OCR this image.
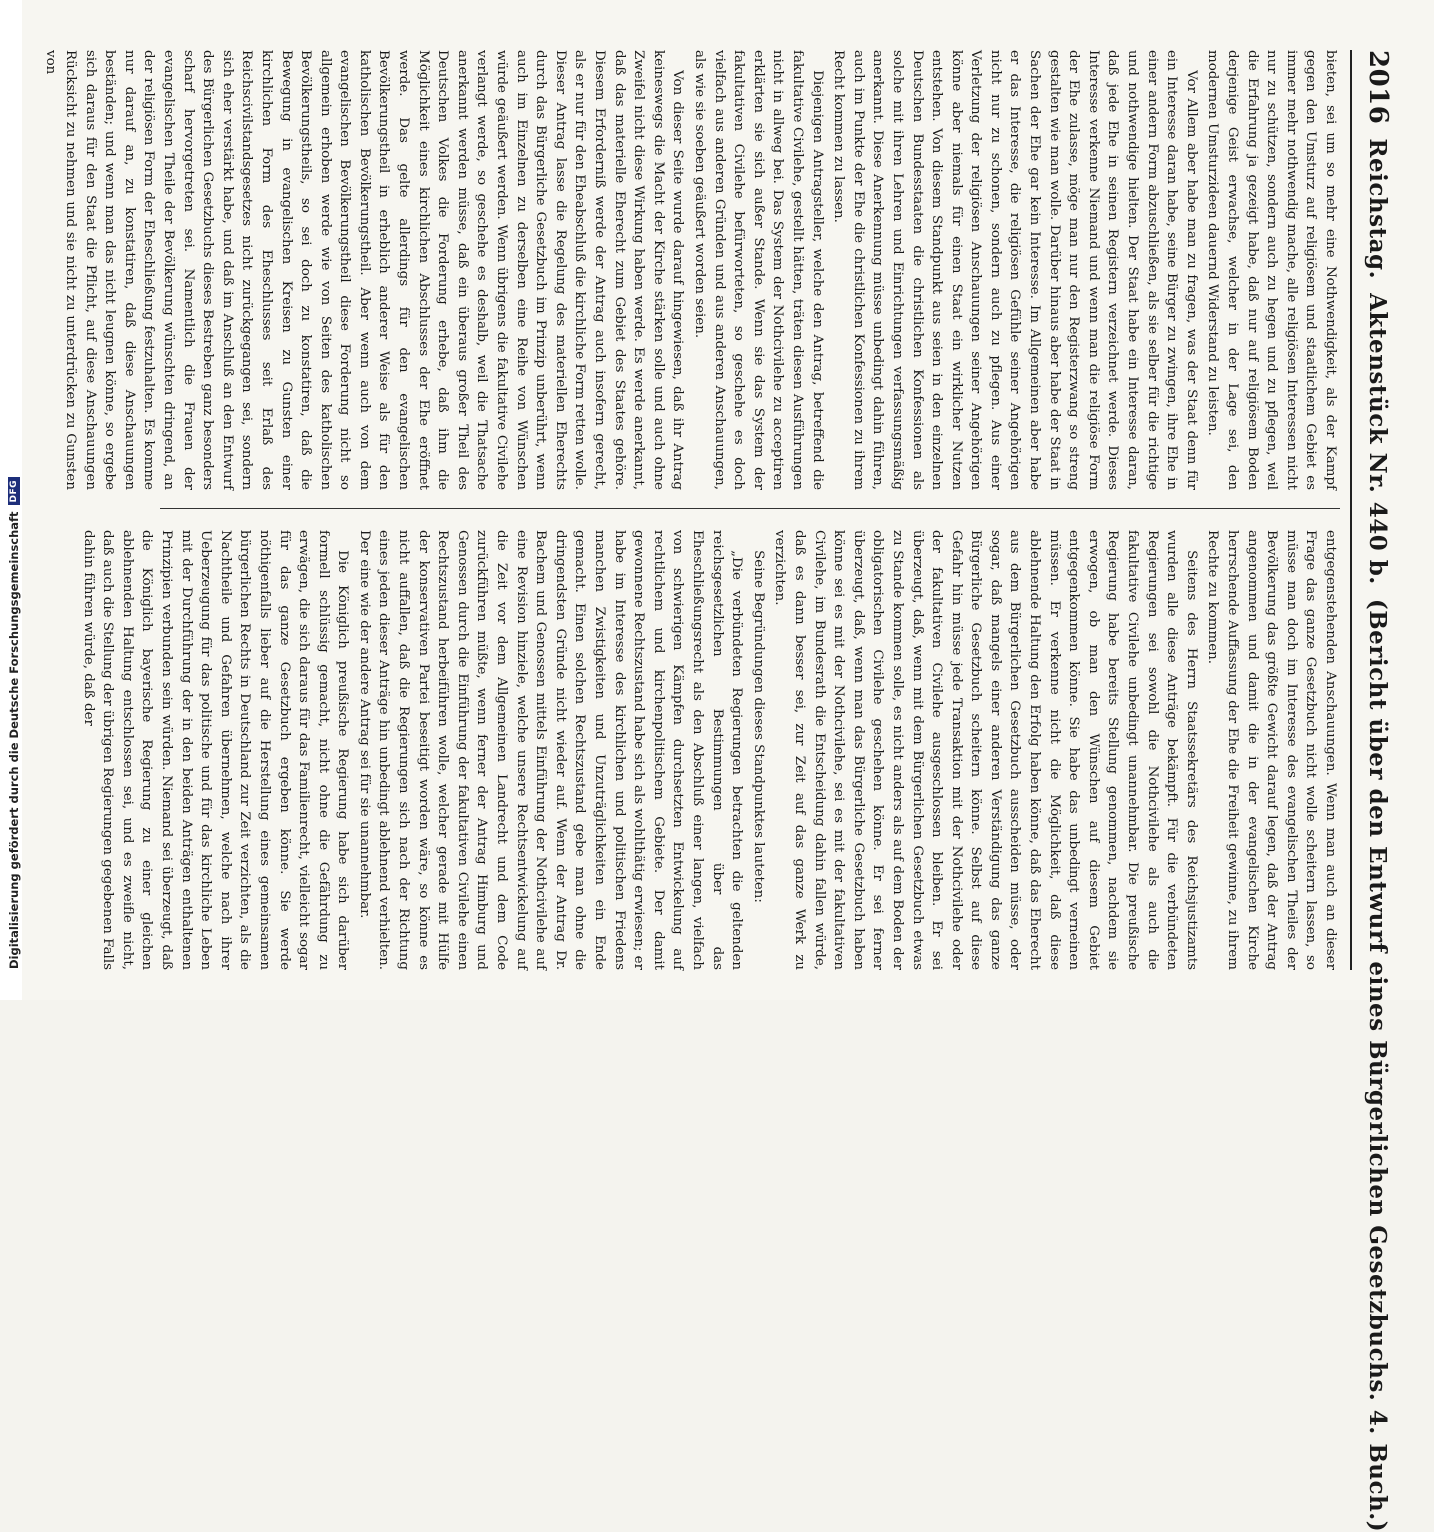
2016
Reichstag.
Aktenstück Nr. 440 b.
(Bericht über den Entwurf eines Bürgerlichen Gesetzbuchs. 4. Buch.)

bieten, sei um so mehr eine Nothwendigkeit, als der Kampf gegen den Umsturz auf religiösem und staatlichem Gebiet es immer mehr nothwendig mache, alle religiösen Interessen nicht nur zu schützen, sondern auch zu hegen und zu pflegen, weil die Erfahrung ja gezeigt habe, daß nur auf religiösem Boden derjenige Geist erwachse, welcher in der Lage sei, den modernen Umsturzideen dauernd Widerstand zu leisten.

Vor Allem aber habe man zu fragen, was der Staat denn für ein Interesse daran habe, seine Bürger zu zwingen, ihre Ehe in einer andern Form abzuschließen, als sie selber für die richtige und nothwendige hielten. Der Staat habe ein Interesse daran, daß jede Ehe in seinen Registern verzeichnet werde. Dieses Interesse verkenne Niemand und wenn man die religiöse Form der Ehe zulasse, möge man nur den Registerzwang so streng gestalten wie man wolle. Darüber hinaus aber habe der Staat in Sachen der Ehe gar kein Interesse. Im Allgemeinen aber habe er das Interesse, die religiösen Gefühle seiner Angehörigen nicht nur zu schonen, sondern auch zu pflegen. Aus einer Verletzung der religiösen Anschauungen seiner Angehörigen könne aber niemals für einen Staat ein wirklicher Nutzen entstehen. Von diesem Standpunkt aus seien in den einzelnen Deutschen Bundesstaaten die christlichen Konfessionen als solche mit ihren Lehren und Einrichtungen verfassungsmäßig anerkannt. Diese Anerkennung müsse unbedingt dahin führen, auch im Punkte der Ehe die christlichen Konfessionen zu ihrem Recht kommen zu lassen.

Diejenigen Antragsteller, welche den Antrag, betreffend die fakultative Civilehe, gestellt hätten, träten diesen Ausführungen nicht in allweg bei. Das System der Nothcivilehe zu acceptiren erklärten sie sich außer Stande. Wenn sie das System der fakultativen Civilehe befürworteten, so geschehe es doch vielfach aus anderen Gründen und aus anderen Anschauungen, als wie sie soeben geäußert worden seien.

Von dieser Seite wurde darauf hingewiesen, daß ihr Antrag keineswegs die Macht der Kirche stärken solle und auch ohne Zweifel nicht diese Wirkung haben werde. Es werde anerkannt, daß das materielle Eherecht zum Gebiet des Staates gehöre. Diesem Erforderniß werde der Antrag auch insofern gerecht, als er nur für den Eheabschluß die kirchliche Form retten wolle. Dieser Antrag lasse die Regelung des materiellen Eherechts durch das Bürgerliche Gesetzbuch im Prinzip unberührt, wenn auch im Einzelnen zu derselben eine Reihe von Wünschen würde geäußert werden. Wenn übrigens die fakultative Civilehe verlangt werde, so geschehe es deshalb, weil die Thatsache anerkannt werden müsse, daß ein überaus großer Theil des Deutschen Volkes die Forderung erhebe, daß ihm die Möglichkeit eines kirchlichen Abschlusses der Ehe eröffnet werde. Das gelte allerdings für den evangelischen Bevölkerungstheil in erheblich anderer Weise als für den katholischen Bevölkerungstheil. Aber wenn auch von dem evangelischen Bevölkerungstheil diese Forderung nicht so allgemein erhoben werde wie von Seiten des katholischen Bevölkerungstheils, so sei doch zu konstatiren, daß die Bewegung in evangelischen Kreisen zu Gunsten einer kirchlichen Form des Eheschlusses seit Erlaß des Reichscivilstandsgesetzes nicht zurückgegangen sei, sondern sich eher verstärkt habe, und daß im Anschluß an den Entwurf des Bürgerlichen Gesetzbuchs dieses Bestreben ganz besonders scharf hervorgetreten sei. Namentlich die Frauen der evangelischen Theile der Bevölkerung wünschten dringend, an der religiösen Form der Eheschließung festzuhalten. Es komme nur darauf an, zu konstatiren, daß diese Anschauungen beständen; und wenn man das nicht leugnen könne, so ergebe sich daraus für den Staat die Pflicht, auf diese Anschauungen Rücksicht zu nehmen und sie nicht zu unterdrücken zu Gunsten von

entgegenstehenden Anschauungen. Wenn man auch an dieser Frage das ganze Gesetzbuch nicht wolle scheitern lassen, so müsse man doch im Interesse des evangelischen Theiles der Bevölkerung das größte Gewicht darauf legen, daß der Antrag angenommen und damit die in der evangelischen Kirche herrschende Auffassung der Ehe die Freiheit gewinne, zu ihrem Rechte zu kommen.

Seitens des Herrn Staatssekretärs des Reichsjustizamts wurden alle diese Anträge bekämpft. Für die verbündeten Regierungen sei sowohl die Nothcivilehe als auch die fakultative Civilehe unbedingt unannehmbar. Die preußische Regierung habe bereits Stellung genommen, nachdem sie erwogen, ob man den Wünschen auf diesem Gebiet entgegenkommen könne. Sie habe das unbedingt verneinen müssen. Er verkenne nicht die Möglichkeit, daß diese ablehnende Haltung den Erfolg haben könne, daß das Eherecht aus dem Bürgerlichen Gesetzbuch ausscheiden müsse, oder sogar, daß mangels einer anderen Verständigung das ganze Bürgerliche Gesetzbuch scheitern könne. Selbst auf diese Gefahr hin müsse jede Transaktion mit der Nothcivilehe oder der fakultativen Civilehe ausgeschlossen bleiben. Er sei überzeugt, daß, wenn mit dem Bürgerlichen Gesetzbuch etwas zu Stande kommen solle, es nicht anders als auf dem Boden der obligatorischen Civilehe geschehen könne. Er sei ferner überzeugt, daß, wenn man das Bürgerliche Gesetzbuch haben könne sei es mit der Nothcivilehe, sei es mit der fakultativen Civilehe, im Bundesrath die Entscheidung dahin fallen würde, daß es dann besser sei, zur Zeit auf das ganze Werk zu verzichten.

Seine Begründungen dieses Standpunktes lauteten:

„Die verbündeten Regierungen betrachten die geltenden reichsgesetzlichen Bestimmungen über das Eheschließungsrecht als den Abschluß einer langen, vielfach von schwierigen Kämpfen durchsetzten Entwickelung auf rechtlichem und kirchenpolitischem Gebiete. Der damit gewonnene Rechtszustand habe sich als wohlthätig erwiesen; er habe im Interesse des kirchlichen und politischen Friedens manchen Zwistigkeiten und Unzuträglichkeiten ein Ende gemacht. Einen solchen Rechtszustand gebe man ohne die dringendsten Gründe nicht wieder auf. Wenn der Antrag Dr. Bachem und Genossen mittels Einführung der Nothcivilehe auf eine Revision hinziele, welche unsere Rechtsentwickelung auf die Zeit vor dem Allgemeinen Landrecht und dem Code zurückführen müßte, wenn ferner der Antrag Himburg und Genossen durch die Einführung der fakultativen Civilehe einen Rechtszustand herbeiführen wolle, welcher gerade mit Hülfe der konservativen Partei beseitigt worden wäre, so könne es nicht auffallen, daß die Regierungen sich nach der Richtung eines jeden dieser Anträge hin unbedingt ablehnend verhielten. Der eine wie der andere Antrag sei für sie unannehmbar.

Die Königlich preußische Regierung habe sich darüber formell schlüssig gemacht, nicht ohne die Gefährdung zu erwägen, die sich daraus für das Familienrecht, vielleicht sogar für das ganze Gesetzbuch ergeben könne. Sie werde nöthigenfalls lieber auf die Herstellung eines gemeinsamen bürgerlichen Rechts in Deutschland zur Zeit verzichten, als die Nachtheile und Gefahren übernehmen, welche nach ihrer Ueberzeugung für das politische und für das kirchliche Leben mit der Durchführung der in den beiden Anträgen enthaltenen Prinzipien verbunden sein würden. Niemand sei überzeugt, daß die Königlich bayerische Regierung zu einer gleichen ablehnenden Haltung entschlossen sei, und es zweifle nicht, daß auch die Stellung der übrigen Regierungen gegebenen Falls dahin führen würde, daß der

Digitalisierung gefördert durch die Deutsche Forschungsgemeinschaft
DFG
